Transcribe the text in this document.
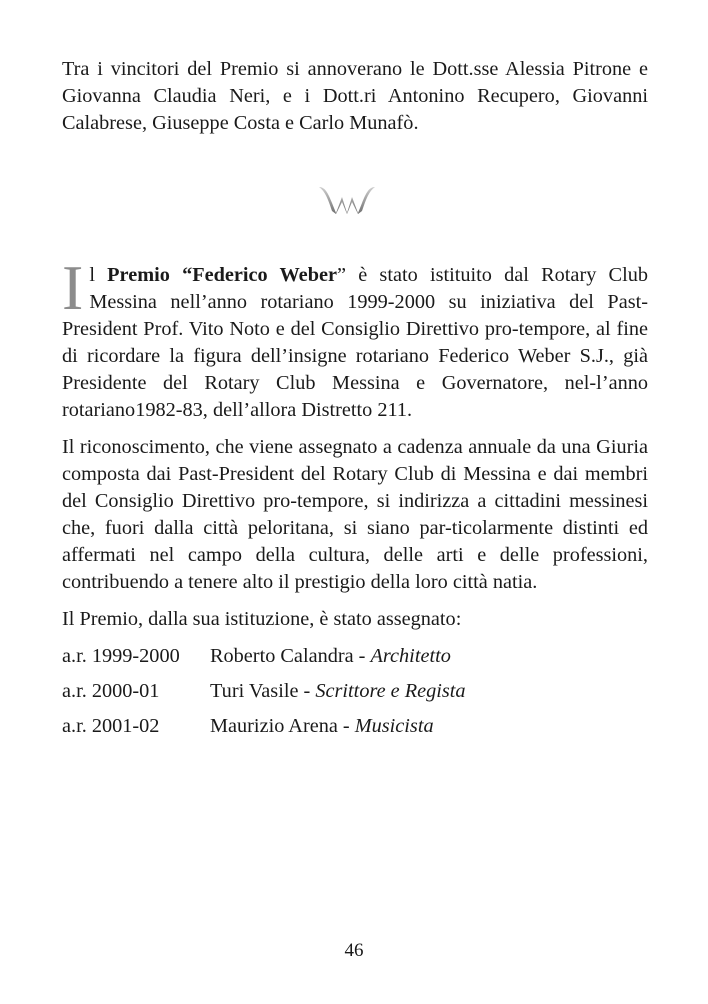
Tra i vincitori del Premio si annoverano le Dott.sse Alessia Pitrone e Giovanna Claudia Neri, e i Dott.ri Antonino Recupero, Giovanni Calabrese, Giuseppe Costa e Carlo Munafò.

Il Premio “Federico Weber” è stato istituito dal Rotary Club Messina nell’anno rotariano 1999-2000 su iniziativa del Past-President Prof. Vito Noto e del Consiglio Direttivo pro-tempore, al fine di ricordare la figura dell’insigne rotariano Federico Weber S.J., già Presidente del Rotary Club Messina e Governatore, nel-l’anno rotariano1982-83, dell’allora Distretto 211.

Il riconoscimento, che viene assegnato a cadenza annuale da una Giuria composta dai Past-President del Rotary Club di Messina e dai membri del Consiglio Direttivo pro-tempore, si indirizza a cittadini messinesi che, fuori dalla città peloritana, si siano par-ticolarmente distinti ed affermati nel campo della cultura, delle arti e delle professioni, contribuendo a tenere alto il prestigio della loro città natia.

Il Premio, dalla sua istituzione, è stato assegnato:

a.r. 1999-2000	Roberto Calandra - Architetto
a.r. 2000-01	Turi Vasile - Scrittore e Regista
a.r. 2001-02	Maurizio Arena - Musicista
46
